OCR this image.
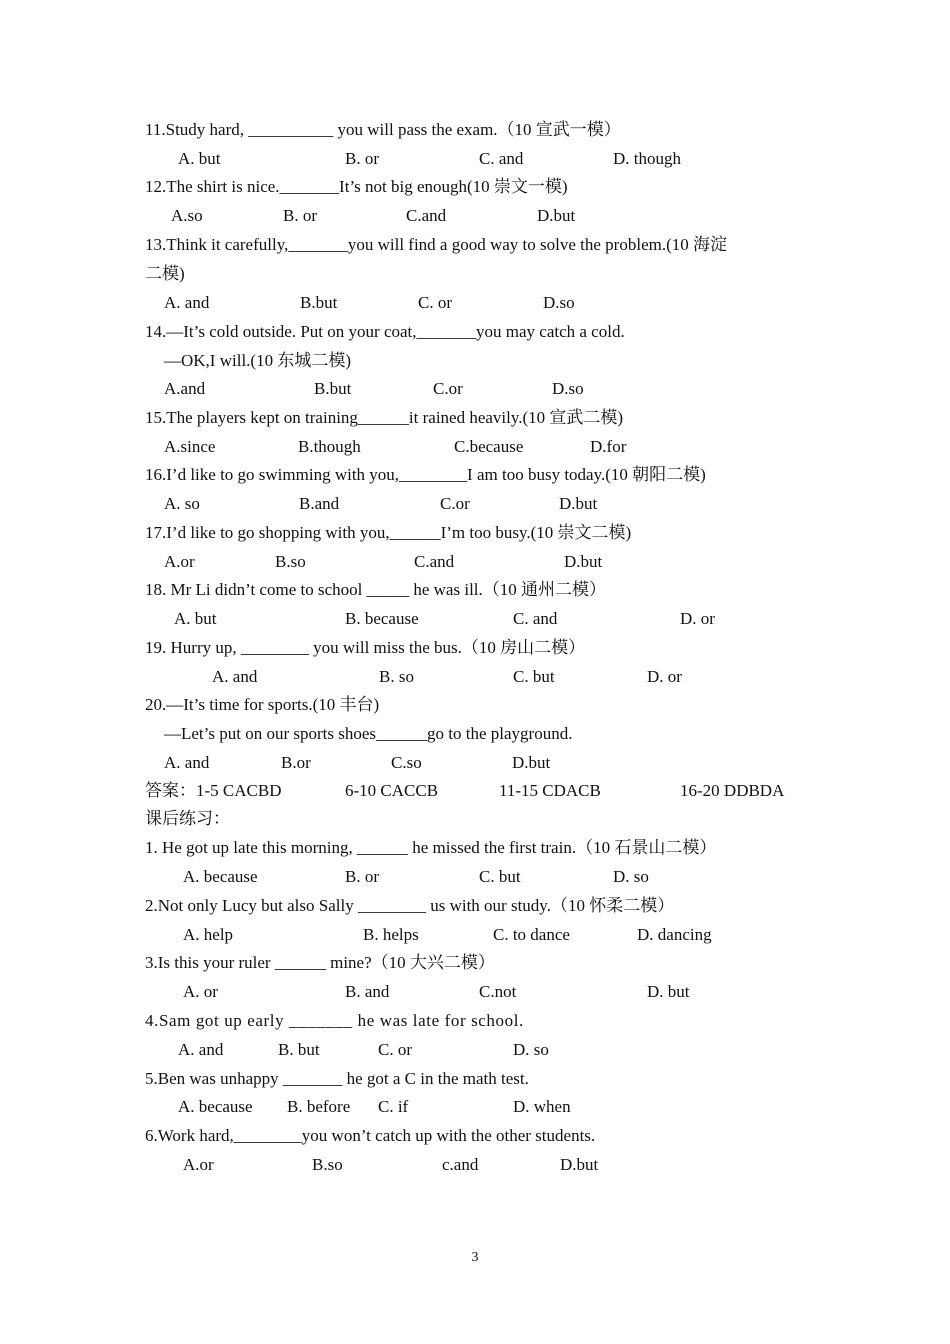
11.Study hard, __________ you will pass the exam.（10 宣武一模）
A. but	B. or	C. and	D. though
12.The shirt is nice._______It’s not big enough(10 崇文一模)
A.so	B. or	C.and	D.but
13.Think it carefully,_______you will find a good way to solve the problem.(10 海淀
二模)
A. and	B.but	C. or	D.so
14.—It’s cold outside. Put on your coat,_______you may catch a cold.
—OK,I will.(10 东城二模)
A.and	B.but	C.or	D.so
15.The players kept on training______it rained heavily.(10 宣武二模)
A.since	B.though	C.because	D.for
16.I’d like to go swimming with you,________I am too busy today.(10 朝阳二模)
A. so	B.and	C.or	D.but
17.I’d like to go shopping with you,______I’m too busy.(10 崇文二模)
A.or	B.so	C.and	D.but
18. Mr Li didn’t come to school _____ he was ill.（10 通州二模）
A. but	B. because	C. and	D. or
19. Hurry up, ________ you will miss the bus.（10 房山二模）
A. and	B. so	C. but	D. or
20.—It’s time for sports.(10 丰台)
—Let’s put on our sports shoes______go to the playground.
A. and	B.or	C.so	D.but
答案：1-5 CACBD	6-10 CACCB	11-15 CDACB	16-20 DDBDA
课后练习：
1. He got up late this morning, ______ he missed the first train.（10 石景山二模）
A. because	B. or	C. but	D. so
2.Not only Lucy but also Sally ________ us with our study.（10 怀柔二模）
A. help	B. helps	C. to dance	D. dancing
3.Is this your ruler ______ mine?（10 大兴二模）
A. or	B. and	C.not	D. but
4.Sam got up early _______ he was late for school.
A. and	B. but	C. or	D. so
5.Ben was unhappy _______ he got a C in the math test.
A. because B. before C. if	D. when
6.Work hard,________you won’t catch up with the other students.
A.or	B.so	c.and	D.but
3
